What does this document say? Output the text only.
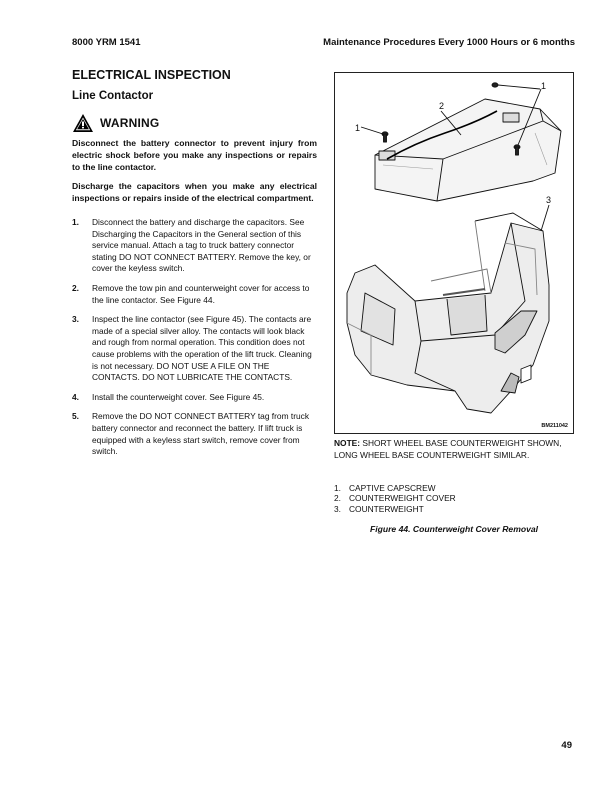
8000 YRM 1541	Maintenance Procedures Every 1000 Hours or 6 months
ELECTRICAL INSPECTION
Line Contactor
WARNING

Disconnect the battery connector to prevent injury from electric shock before you make any inspections or repairs to the line contactor.

Discharge the capacitors when you make any electrical inspections or repairs inside of the electrical compartment.

1.	Disconnect the battery and discharge the capacitors. See Discharging the Capacitors in the General section of this service manual. Attach a tag to truck battery connector stating DO NOT CONNECT BATTERY. Remove the key, or cover the keyless switch.
2.	Remove the tow pin and counterweight cover for access to the line contactor. See Figure 44.
3.	Inspect the line contactor (see Figure 45). The contacts are made of a special silver alloy. The contacts will look black and rough from normal operation. This condition does not cause problems with the operation of the lift truck. Cleaning is not necessary. DO NOT USE A FILE ON THE CONTACTS. DO NOT LUBRICATE THE CONTACTS.
4.	Install the counterweight cover. See Figure 45.
5.	Remove the DO NOT CONNECT BATTERY tag from truck battery connector and reconnect the battery. If lift truck is equipped with a keyless start switch, remove cover from switch.
1
2
1
3
BM211042
NOTE: SHORT WHEEL BASE COUNTERWEIGHT SHOWN, LONG WHEEL BASE COUNTERWEIGHT SIMILAR.
1. CAPTIVE CAPSCREW
2. COUNTERWEIGHT COVER
3. COUNTERWEIGHT
Figure 44. Counterweight Cover Removal
49
